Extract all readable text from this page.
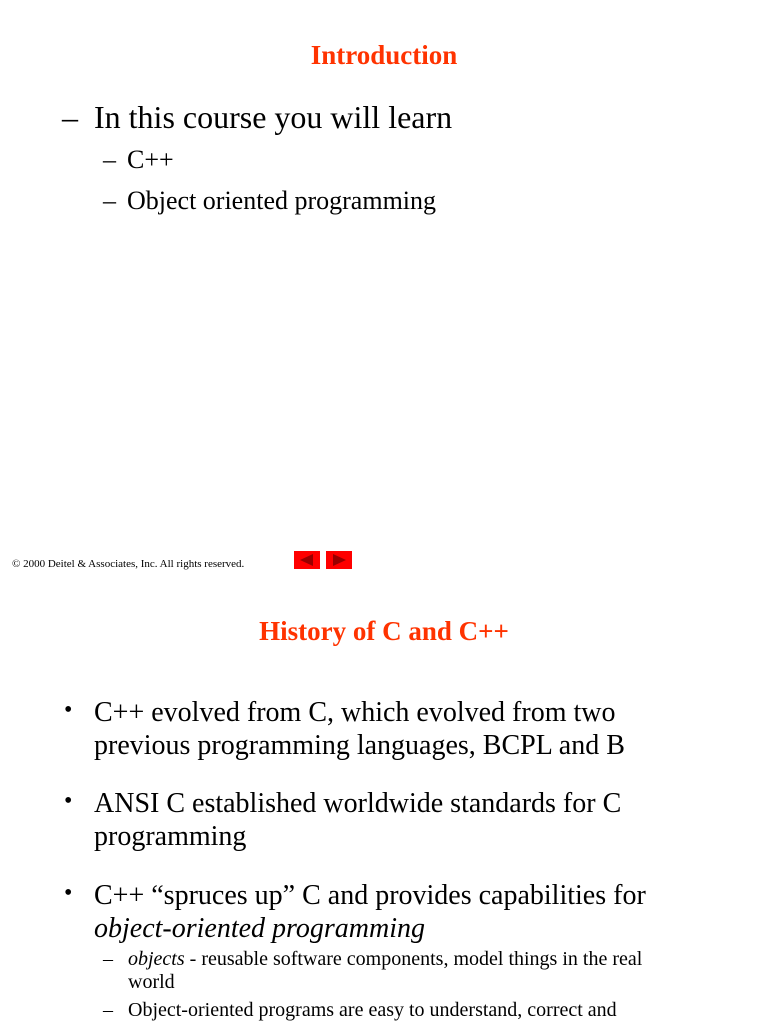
Introduction
– In this course you will learn
– C++
– Object oriented programming
© 2000 Deitel & Associates, Inc. All rights reserved.
History of C and C++
• C++ evolved from C, which evolved from two
previous programming languages, BCPL and B
• ANSI C established worldwide standards for C
programming
• C++ “spruces up” C and provides capabilities for
object-oriented programming
– objects - reusable software components, model things in the real
world
– Object-oriented programs are easy to understand, correct and
